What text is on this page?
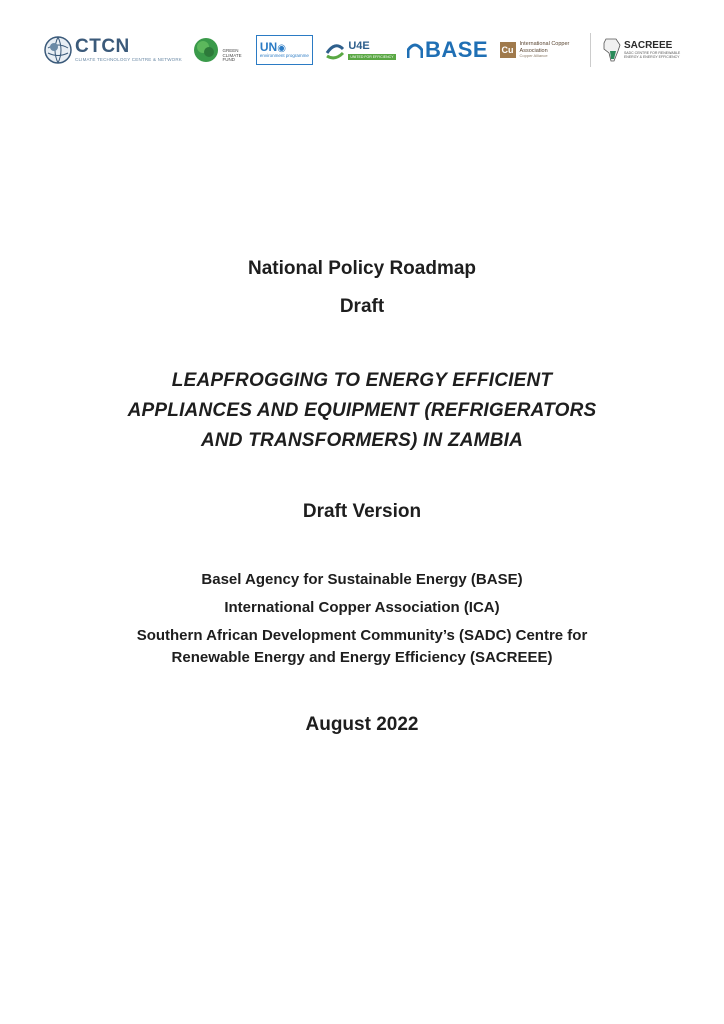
CTCN
CLIMATE TECHNOLOGY CENTRE & NETWORK
GREEN CLIMATE FUND
UN◉
environment programme
U4E
UNITED FOR EFFICIENCY BASE Cu
International Copper Association
Copper Alliance
SACREEE
SADC CENTRE FOR RENEWABLE ENERGY & ENERGY EFFICIENCY

National Policy Roadmap

Draft

LEAPFROGGING TO ENERGY EFFICIENT

APPLIANCES AND EQUIPMENT (REFRIGERATORS

AND TRANSFORMERS) IN ZAMBIA

Draft Version

Basel Agency for Sustainable Energy (BASE)

International Copper Association (ICA)

Southern African Development Community’s (SADC) Centre for

Renewable Energy and Energy Efficiency (SACREEE)

August 2022
